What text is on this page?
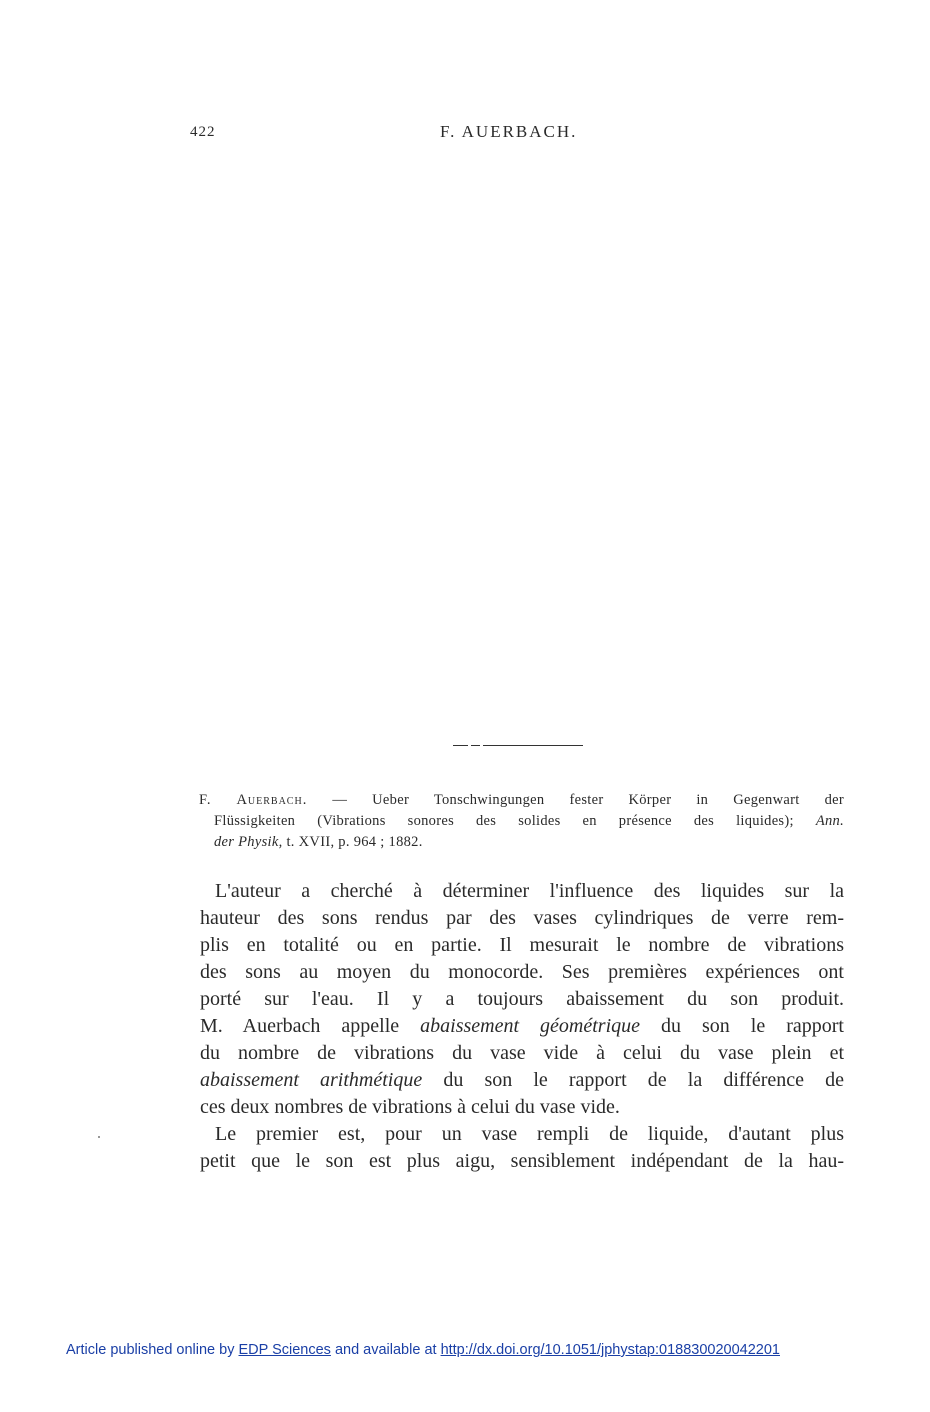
422	F. AUERBACH.
F. Auerbach. — Ueber Tonschwingungen fester Körper in Gegenwart der
Flüssigkeiten (Vibrations sonores des solides en présence des liquides); Ann.
der Physik, t. XVII, p. 964 ; 1882.
L'auteur a cherché à déterminer l'influence des liquides sur la
hauteur des sons rendus par des vases cylindriques de verre rem-
plis en totalité ou en partie. Il mesurait le nombre de vibrations
des sons au moyen du monocorde. Ses premières expériences ont
porté sur l'eau. Il y a toujours abaissement du son produit.
M. Auerbach appelle abaissement géométrique du son le rapport
du nombre de vibrations du vase vide à celui du vase plein et
abaissement arithmétique du son le rapport de la différence de
ces deux nombres de vibrations à celui du vase vide.
Le premier est, pour un vase rempli de liquide, d'autant plus
petit que le son est plus aigu, sensiblement indépendant de la hau-
Article published online by EDP Sciences and available at http://dx.doi.org/10.1051/jphystap:018830020042201
